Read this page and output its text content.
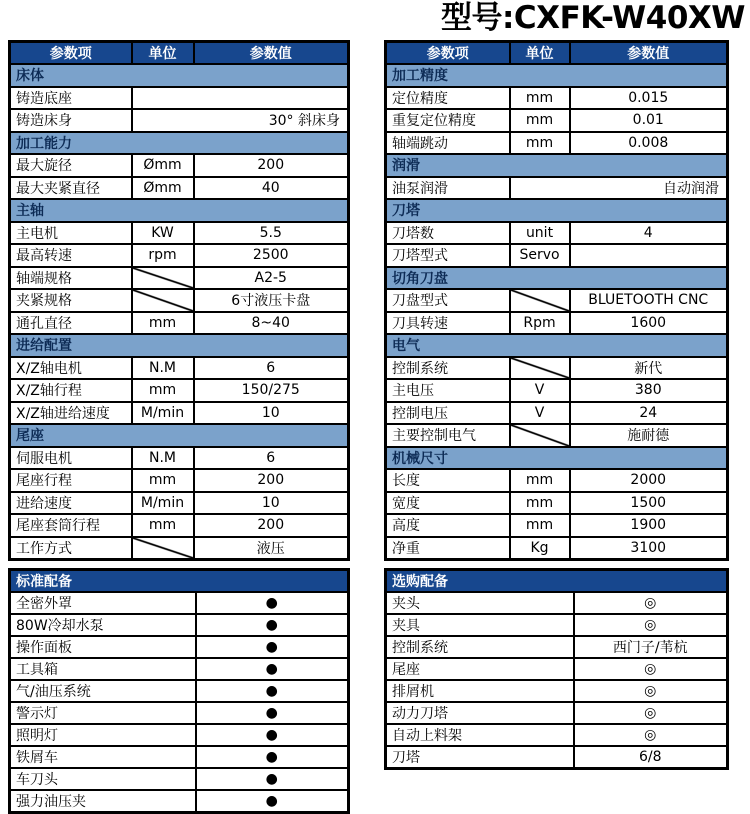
型号:CXFK-W40XW
参数项	单位	参数值
床体		
铸造底座		
铸造床身	30° 斜床身	
加工能力		
最大旋径	Ømm	200
最大夹紧直径	Ømm	40
主轴		
主电机	KW	5.5
最高转速	rpm	2500
轴端规格		A2-5
夹紧规格		6寸液压卡盘
通孔直径	mm	8~40
进给配置		
X/Z轴电机	N.M	6
X/Z轴行程	mm	150/275
X/Z轴进给速度	M/min	10
尾座		
伺服电机	N.M	6
尾座行程	mm	200
进给速度	M/min	10
尾座套筒行程	mm	200
工作方式		液压
参数项	单位	参数值
加工精度		
定位精度	mm	0.015
重复定位精度	mm	0.01
轴端跳动	mm	0.008
润滑		
油泵润滑	自动润滑	
刀塔		
刀塔数	unit	4
刀塔型式	Servo	
切角刀盘		
刀盘型式		BLUETOOTH CNC
刀具转速	Rpm	1600
电气		
控制系统		新代
主电压	V	380
控制电压	V	24
主要控制电气		施耐德
机械尺寸		
长度	mm	2000
宽度	mm	1500
高度	mm	1900
净重	Kg	3100
标准配备	
全密外罩	●
80W冷却水泵	●
操作面板	●
工具箱	●
气/油压系统	●
警示灯	●
照明灯	●
铁屑车	●
车刀头	●
强力油压夹	●
选购配备	
夹头	◎
夹具	◎
控制系统	西门子/苇杭
尾座	◎
排屑机	◎
动力刀塔	◎
自动上料架	◎
刀塔	6/8
